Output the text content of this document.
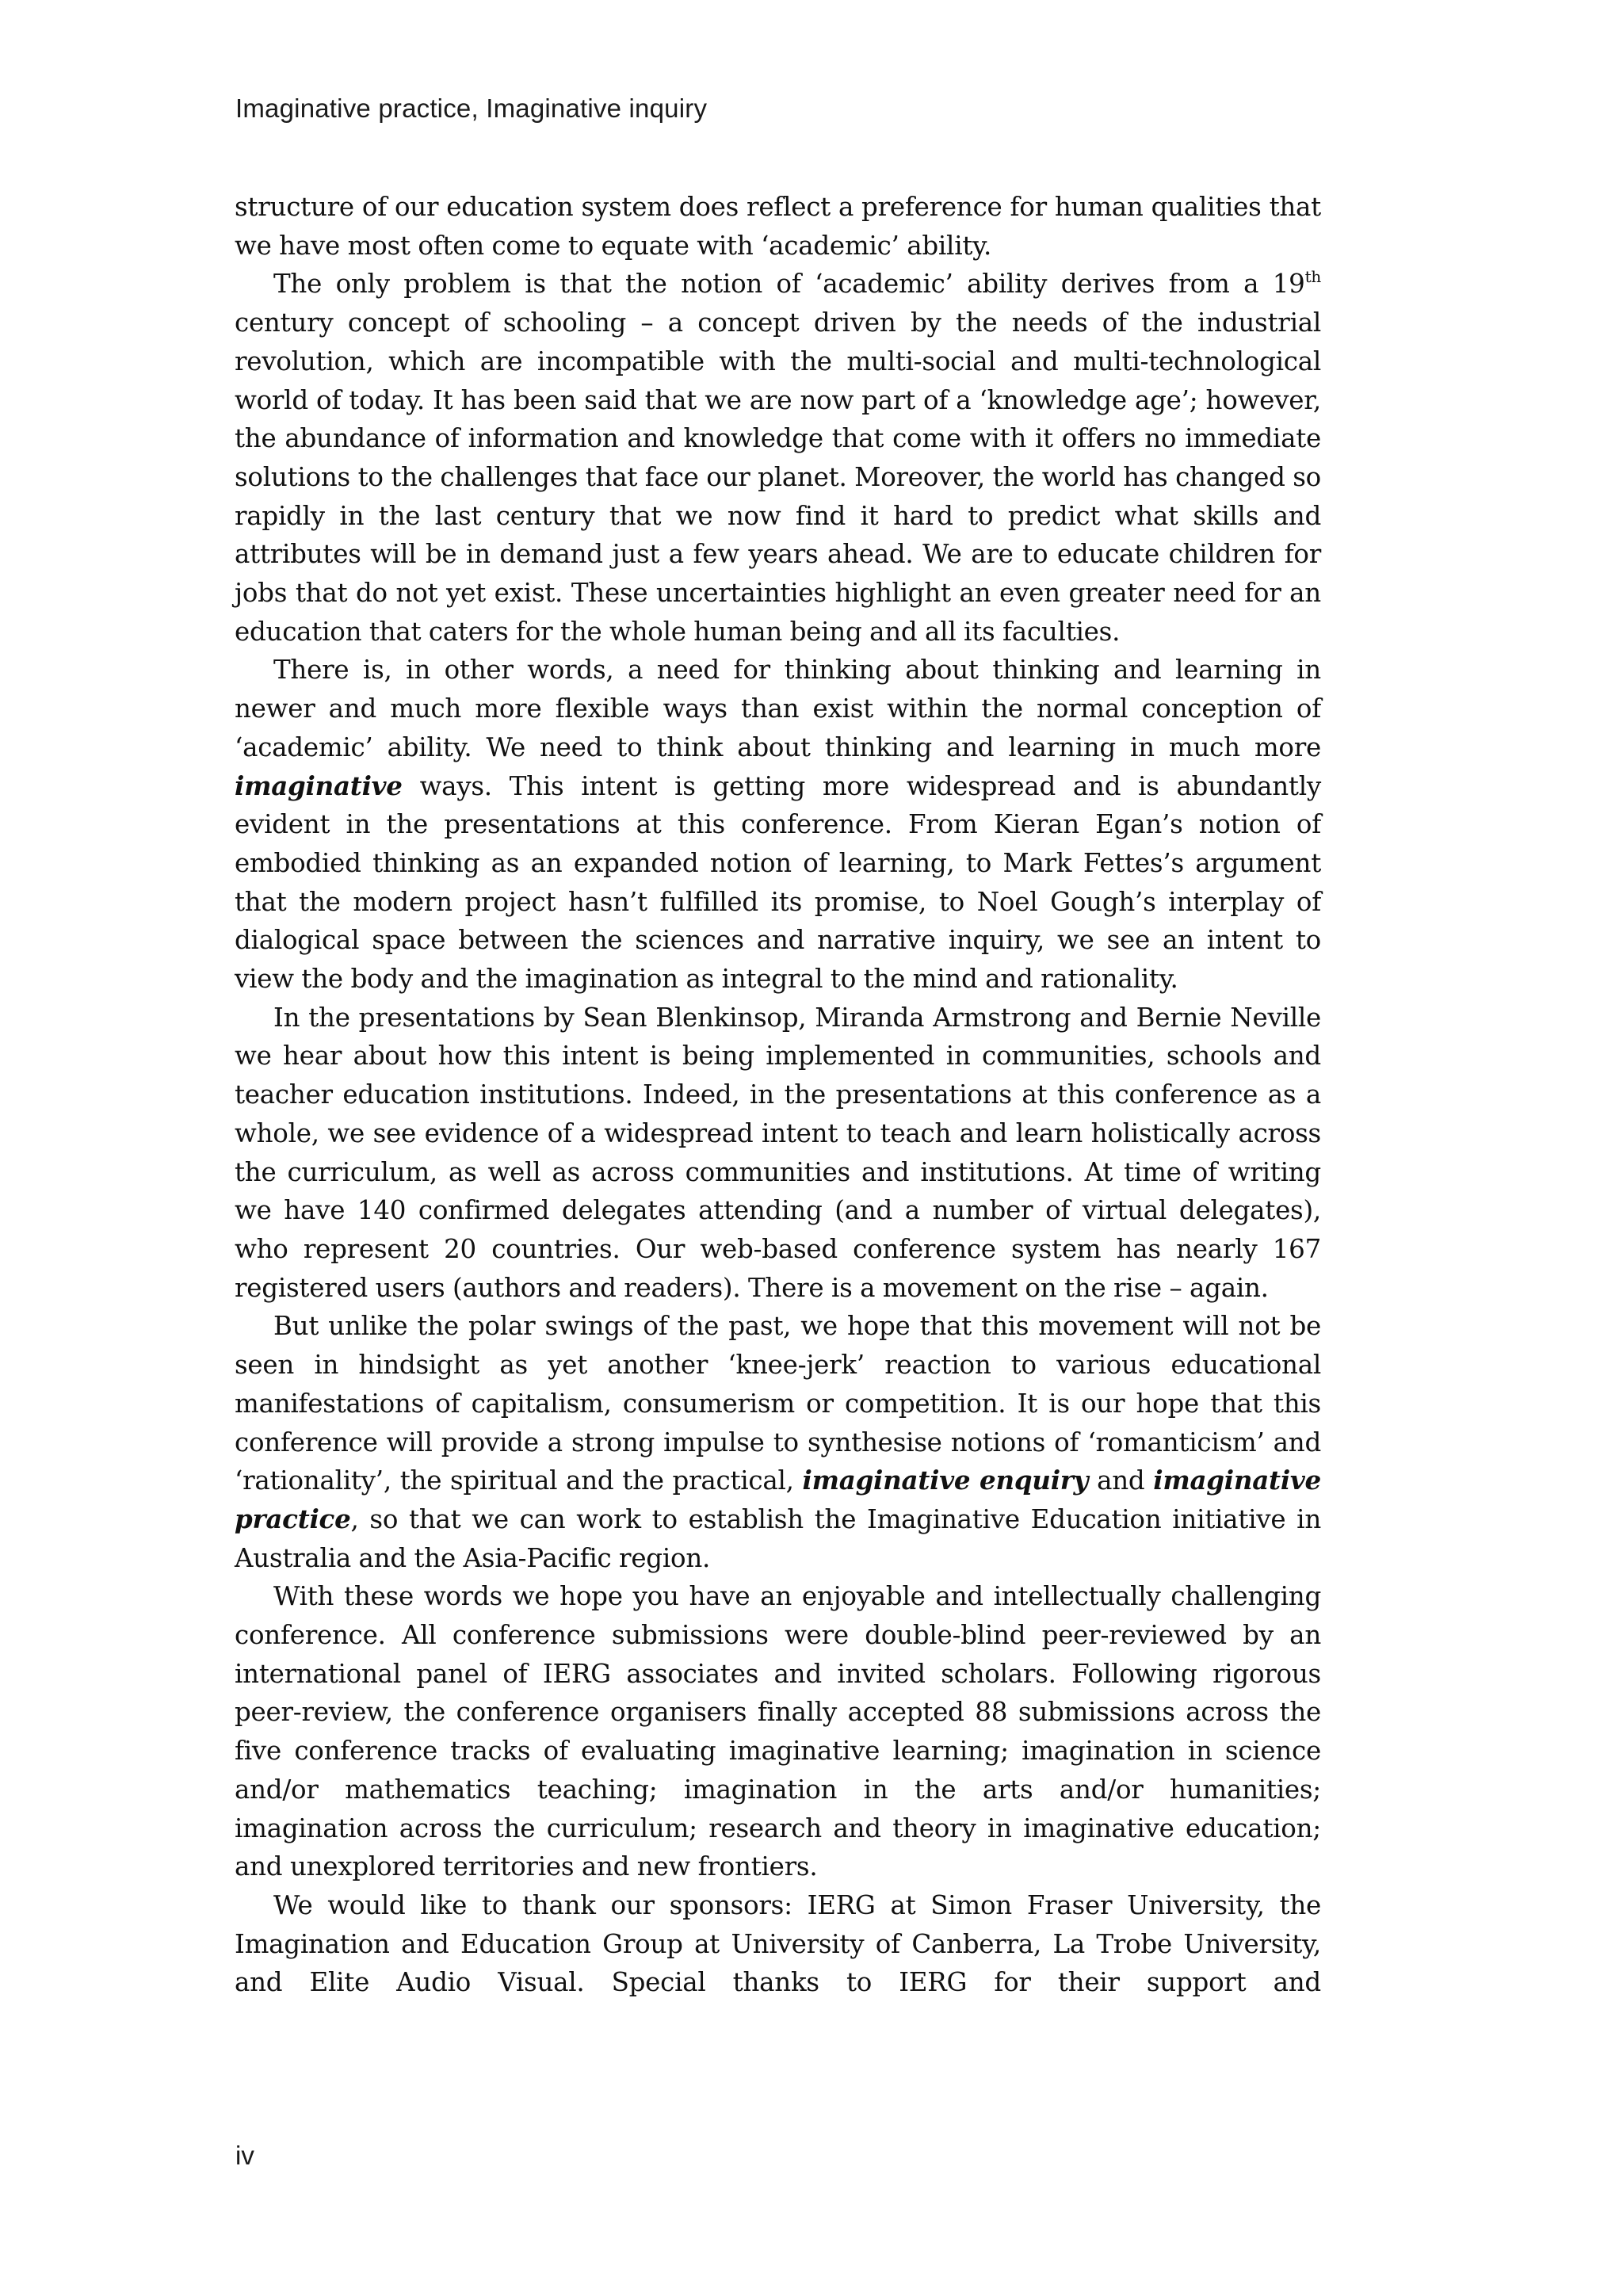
Imaginative practice, Imaginative inquiry

structure of our education system does reflect a preference for human qualities that we have most often come to equate with ‘academic’ ability.

The only problem is that the notion of ‘academic’ ability derives from a 19th century concept of schooling – a concept driven by the needs of the industrial revolution, which are incompatible with the multi-social and multi-technological world of today. It has been said that we are now part of a ‘knowledge age’; however, the abundance of information and knowledge that come with it offers no immediate solutions to the challenges that face our planet. Moreover, the world has changed so rapidly in the last century that we now find it hard to predict what skills and attributes will be in demand just a few years ahead. We are to educate children for jobs that do not yet exist. These uncertainties highlight an even greater need for an education that caters for the whole human being and all its faculties.

There is, in other words, a need for thinking about thinking and learning in newer and much more flexible ways than exist within the normal conception of ‘academic’ ability. We need to think about thinking and learning in much more imaginative ways. This intent is getting more widespread and is abundantly evident in the presentations at this conference. From Kieran Egan’s notion of embodied thinking as an expanded notion of learning, to Mark Fettes’s argument that the modern project hasn’t fulfilled its promise, to Noel Gough’s interplay of dialogical space between the sciences and narrative inquiry, we see an intent to view the body and the imagination as integral to the mind and rationality.

In the presentations by Sean Blenkinsop, Miranda Armstrong and Bernie Neville we hear about how this intent is being implemented in communities, schools and teacher education institutions. Indeed, in the presentations at this conference as a whole, we see evidence of a widespread intent to teach and learn holistically across the curriculum, as well as across communities and institutions. At time of writing we have 140 confirmed delegates attending (and a number of virtual delegates), who represent 20 countries. Our web-based conference system has nearly 167 registered users (authors and readers). There is a movement on the rise – again.

But unlike the polar swings of the past, we hope that this movement will not be seen in hindsight as yet another ‘knee-jerk’ reaction to various educational manifestations of capitalism, consumerism or competition. It is our hope that this conference will provide a strong impulse to synthesise notions of ‘romanticism’ and ‘rationality’, the spiritual and the practical, imaginative enquiry and imaginative practice, so that we can work to establish the Imaginative Education initiative in Australia and the Asia-Pacific region.

With these words we hope you have an enjoyable and intellectually challenging conference. All conference submissions were double-blind peer-reviewed by an international panel of IERG associates and invited scholars. Following rigorous peer-review, the conference organisers finally accepted 88 submissions across the five conference tracks of evaluating imaginative learning; imagination in science and/or mathematics teaching; imagination in the arts and/or humanities; imagination across the curriculum; research and theory in imaginative education; and unexplored territories and new frontiers.

We would like to thank our sponsors: IERG at Simon Fraser University, the Imagination and Education Group at University of Canberra, La Trobe University, and Elite Audio Visual. Special thanks to IERG for their support and

iv
